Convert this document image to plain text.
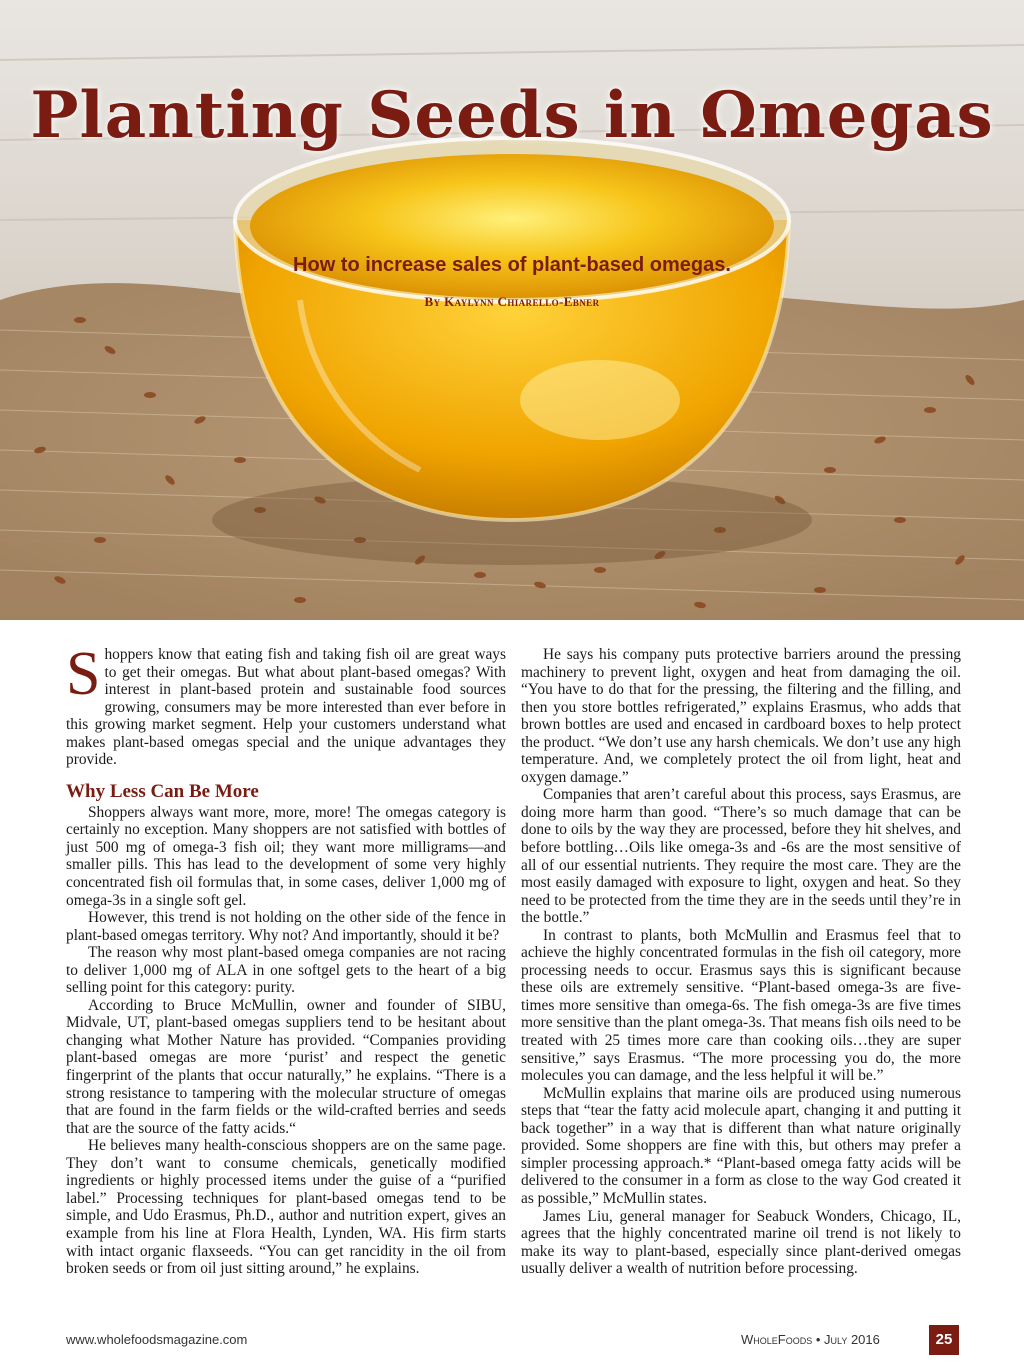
Planting Seeds in Ωmegas
How to increase sales of plant-based omegas.
By Kaylynn Chiarello-Ebner

Shoppers know that eating fish and taking fish oil are great ways to get their omegas. But what about plant-based omegas? With interest in plant-based protein and sustainable food sources growing, consumers may be more interested than ever before in this growing market segment. Help your customers understand what makes plant-based omegas special and the unique advantages they provide.

Why Less Can Be More

Shoppers always want more, more, more! The omegas category is certainly no exception. Many shoppers are not satisfied with bottles of just 500 mg of omega-3 fish oil; they want more milligrams—and smaller pills. This has lead to the development of some very highly concentrated fish oil formulas that, in some cases, deliver 1,000 mg of omega-3s in a single soft gel.

However, this trend is not holding on the other side of the fence in plant-based omegas territory. Why not? And importantly, should it be?

The reason why most plant-based omega companies are not racing to deliver 1,000 mg of ALA in one softgel gets to the heart of a big selling point for this category: purity.

According to Bruce McMullin, owner and founder of SIBU, Midvale, UT, plant-based omegas suppliers tend to be hesitant about changing what Mother Nature has provided. “Companies providing plant-based omegas are more ‘purist’ and respect the genetic fingerprint of the plants that occur naturally,” he explains. “There is a strong resistance to tampering with the molecular structure of omegas that are found in the farm fields or the wild-crafted berries and seeds that are the source of the fatty acids.“

He believes many health-conscious shoppers are on the same page. They don’t want to consume chemicals, genetically modified ingredients or highly processed items under the guise of a “purified label.” Processing techniques for plant-based omegas tend to be simple, and Udo Erasmus, Ph.D., author and nutrition expert, gives an example from his line at Flora Health, Lynden, WA. His firm starts with intact organic flaxseeds. “You can get rancidity in the oil from broken seeds or from oil just sitting around,” he explains.

He says his company puts protective barriers around the pressing machinery to prevent light, oxygen and heat from damaging the oil. “You have to do that for the pressing, the filtering and the filling, and then you store bottles refrigerated,” explains Erasmus, who adds that brown bottles are used and encased in cardboard boxes to help protect the product. “We don’t use any harsh chemicals. We don’t use any high temperature. And, we completely protect the oil from light, heat and oxygen damage.”

Companies that aren’t careful about this process, says Erasmus, are doing more harm than good. “There’s so much damage that can be done to oils by the way they are processed, before they hit shelves, and before bottling…Oils like omega-3s and -6s are the most sensitive of all of our essential nutrients. They require the most care. They are the most easily damaged with exposure to light, oxygen and heat. So they need to be protected from the time they are in the seeds until they’re in the bottle.”

In contrast to plants, both McMullin and Erasmus feel that to achieve the highly concentrated formulas in the fish oil category, more processing needs to occur. Erasmus says this is significant because these oils are extremely sensitive. “Plant-based omega-3s are five-times more sensitive than omega-6s. The fish omega-3s are five times more sensitive than the plant omega-3s. That means fish oils need to be treated with 25 times more care than cooking oils…they are super sensitive,” says Erasmus. “The more processing you do, the more molecules you can damage, and the less helpful it will be.”

McMullin explains that marine oils are produced using numerous steps that “tear the fatty acid molecule apart, changing it and putting it back together” in a way that is different than what nature originally provided. Some shoppers are fine with this, but others may prefer a simpler processing approach.* “Plant-based omega fatty acids will be delivered to the consumer in a form as close to the way God created it as possible,” McMullin states.

James Liu, general manager for Seabuck Wonders, Chicago, IL, agrees that the highly concentrated marine oil trend is not likely to make its way to plant-based, especially since plant-derived omegas usually deliver a wealth of nutrition before processing.

www.wholefoodsmagazine.com	WholeFoods • July 2016	25
